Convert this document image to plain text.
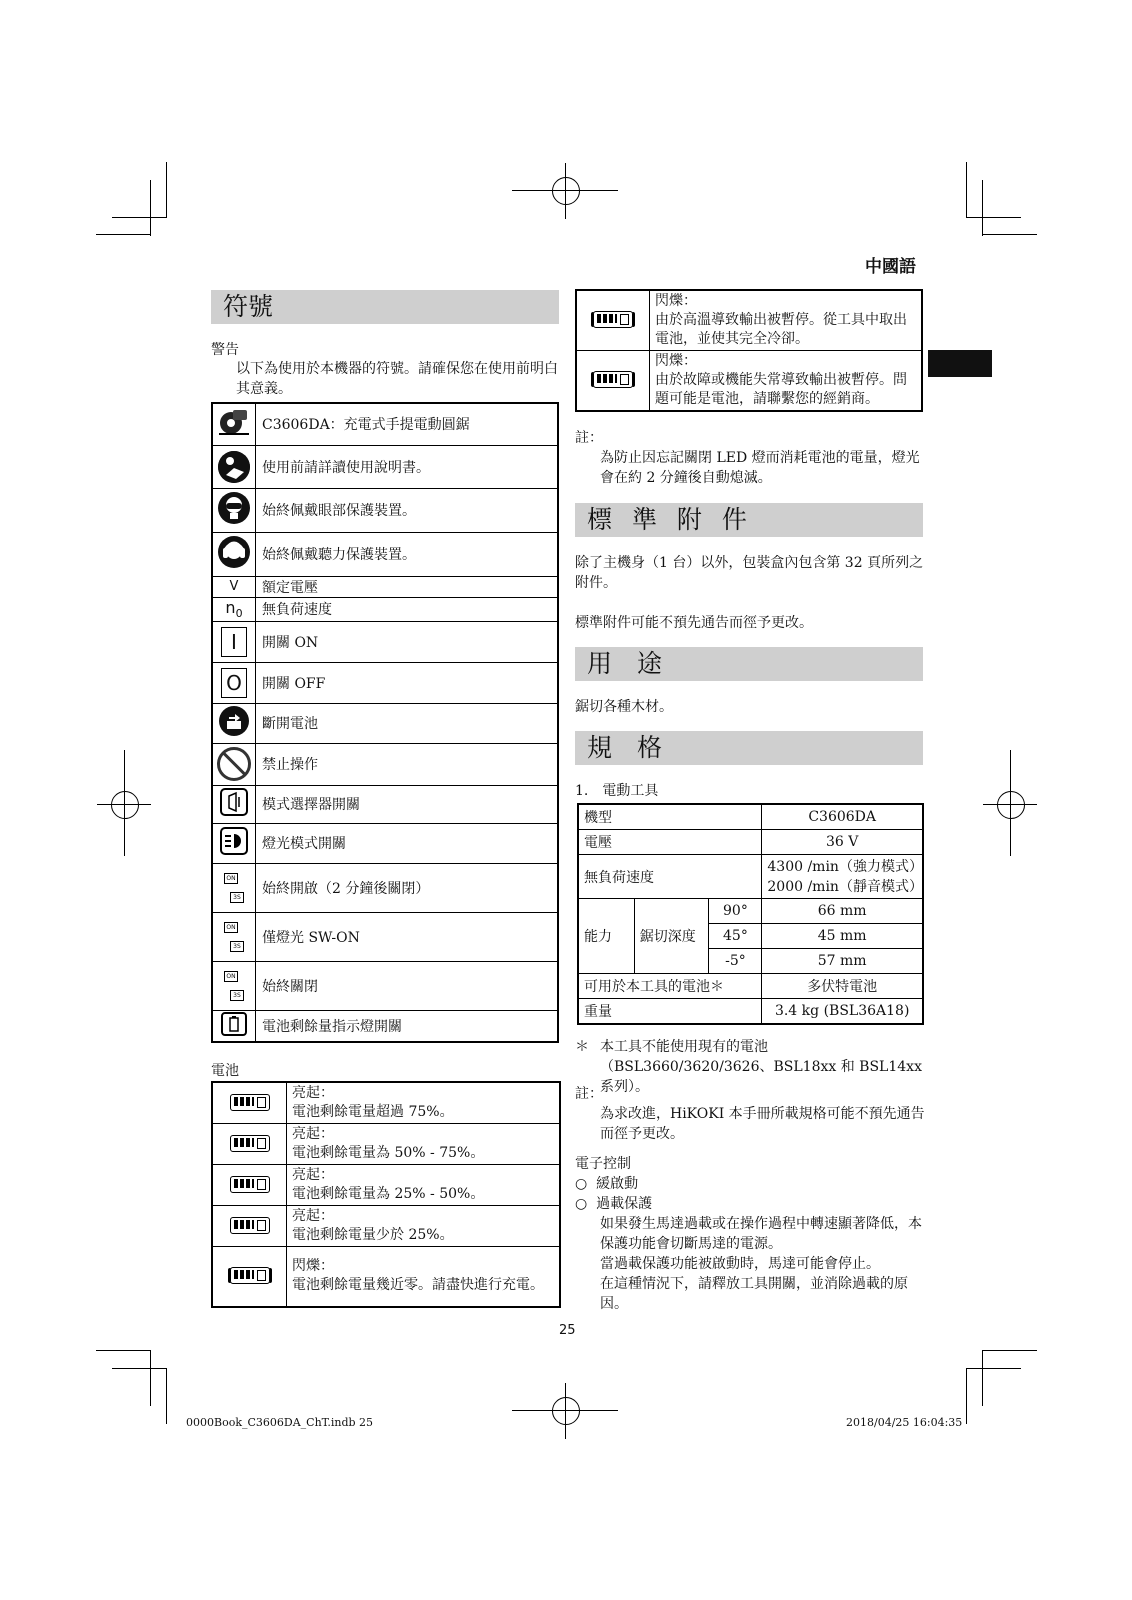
中國語
符號
警告
以下為使用於本機器的符號。請確保您在使用前明白其意義。
	C3606DA：充電式手提電動圓鋸
	使用前請詳讀使用說明書。
	始終佩戴眼部保護裝置。
	始終佩戴聽力保護裝置。
V	額定電壓
$n_0$	無負荷速度
I	開關 ON
O	開關 OFF
	斷開電池
	禁止操作
	模式選擇器開關
	燈光模式開關

$\frac{ON}{3S}$	始終開啟（2 分鐘後關閉）

$\frac{ON}{3S}$	僅燈光 SW-ON

$\frac{ON}{3S}$	始終關閉
	電池剩餘量指示燈開關
電池

	亮起：
電池剩餘電量超過 75%。

	亮起：
電池剩餘電量為 50% - 75%。

	亮起：
電池剩餘電量為 25% - 50%。

	亮起：
電池剩餘電量少於 25%。

	閃爍：
電池剩餘電量幾近零。請盡快進行充電。

	閃爍：
由於高溫導致輸出被暫停。從工具中取出電池，並使其完全冷卻。

	閃爍：
由於故障或機能失常導致輸出被暫停。問題可能是電池，請聯繫您的經銷商。
註：
為防止因忘記關閉 LED 燈而消耗電池的電量，燈光會在約 2 分鐘後自動熄滅。
標 準 附 件
除了主機身（1 台）以外，包裝盒內包含第 32 頁所列之附件。
標準附件可能不預先通告而徑予更改。
用　途
鋸切各種木材。
規　格
1.　電動工具
機型			C3606DA
電壓			36 V
無負荷速度			4300 /min（強力模式）
2000 /min（靜音模式）

能力	鋸切深度	90°	66 mm
		45°	45 mm
		-5°	57 mm
可用於本工具的電池＊			多伏特電池
重量			3.4 kg (BSL36A18)
＊ 本工具不能使用現有的電池（BSL3660/3620/3626、BSL18xx 和 BSL14xx 系列）。
註：
為求改進，HiKOKI 本手冊所載規格可能不預先通告而徑予更改。
電子控制
○ 緩啟動
○ 過載保護
如果發生馬達過載或在操作過程中轉速顯著降低，本保護功能會切斷馬達的電源。
當過載保護功能被啟動時，馬達可能會停止。
在這種情況下，請釋放工具開關，並消除過載的原因。
25
0000Book_C3606DA_ChT.indb 25	2018/04/25 16:04:35
